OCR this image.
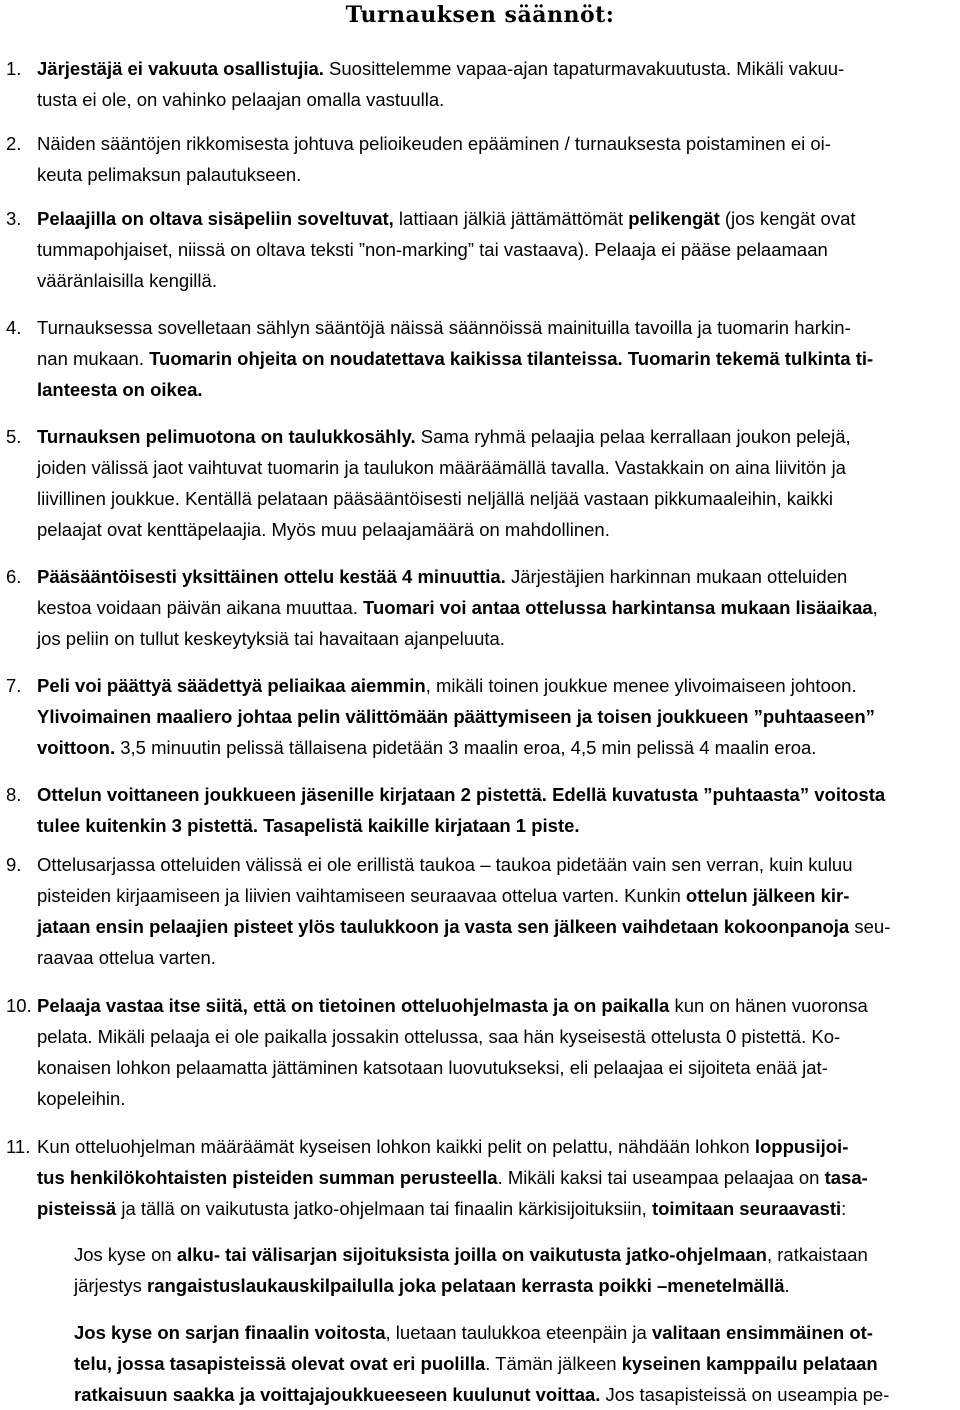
Turnauksen säännöt:
1. Järjestäjä ei vakuuta osallistujia. Suosittelemme vapaa-ajan tapaturmavakuutusta. Mikäli vakuu-
tusta ei ole, on vahinko pelaajan omalla vastuulla.
2. Näiden sääntöjen rikkomisesta johtuva pelioikeuden epääminen / turnauksesta poistaminen ei oi-
keuta pelimaksun palautukseen.
3. Pelaajilla on oltava sisäpeliin soveltuvat, lattiaan jälkiä jättämättömät pelikengät (jos kengät ovat
tummapohjaiset, niissä on oltava teksti ”non-marking” tai vastaava). Pelaaja ei pääse pelaamaan
vääränlaisilla kengillä.
4. Turnauksessa sovelletaan sählyn sääntöjä näissä säännöissä mainituilla tavoilla ja tuomarin harkin-
nan mukaan. Tuomarin ohjeita on noudatettava kaikissa tilanteissa. Tuomarin tekemä tulkinta ti-
lanteesta on oikea.
5. Turnauksen pelimuotona on taulukkosähly. Sama ryhmä pelaajia pelaa kerrallaan joukon pelejä,
joiden välissä jaot vaihtuvat tuomarin ja taulukon määräämällä tavalla. Vastakkain on aina liivitön ja
liivillinen joukkue. Kentällä pelataan pääsääntöisesti neljällä neljää vastaan pikkumaaleihin, kaikki
pelaajat ovat kenttäpelaajia. Myös muu pelaajamäärä on mahdollinen.
6. Pääsääntöisesti yksittäinen ottelu kestää 4 minuuttia. Järjestäjien harkinnan mukaan otteluiden
kestoa voidaan päivän aikana muuttaa. Tuomari voi antaa ottelussa harkintansa mukaan lisäaikaa,
jos peliin on tullut keskeytyksiä tai havaitaan ajanpeluuta.
7. Peli voi päättyä säädettyä peliaikaa aiemmin, mikäli toinen joukkue menee ylivoimaiseen johtoon.
Ylivoimainen maaliero johtaa pelin välittömään päättymiseen ja toisen joukkueen ”puhtaaseen”
voittoon. 3,5 minuutin pelissä tällaisena pidetään 3 maalin eroa, 4,5 min pelissä 4 maalin eroa.
8. Ottelun voittaneen joukkueen jäsenille kirjataan 2 pistettä. Edellä kuvatusta ”puhtaasta” voitosta
tulee kuitenkin 3 pistettä. Tasapelistä kaikille kirjataan 1 piste.
9. Ottelusarjassa otteluiden välissä ei ole erillistä taukoa – taukoa pidetään vain sen verran, kuin kuluu
pisteiden kirjaamiseen ja liivien vaihtamiseen seuraavaa ottelua varten. Kunkin ottelun jälkeen kir-
jataan ensin pelaajien pisteet ylös taulukkoon ja vasta sen jälkeen vaihdetaan kokoonpanoja seu-
raavaa ottelua varten.
10. Pelaaja vastaa itse siitä, että on tietoinen otteluohjelmasta ja on paikalla kun on hänen vuoronsa
pelata. Mikäli pelaaja ei ole paikalla jossakin ottelussa, saa hän kyseisestä ottelusta 0 pistettä. Ko-
konaisen lohkon pelaamatta jättäminen katsotaan luovutukseksi, eli pelaajaa ei sijoiteta enää jat-
kopeleihin.
11. Kun otteluohjelman määräämät kyseisen lohkon kaikki pelit on pelattu, nähdään lohkon loppusijoi-
tus henkilökohtaisten pisteiden summan perusteella. Mikäli kaksi tai useampaa pelaajaa on tasa-
pisteissä ja tällä on vaikutusta jatko-ohjelmaan tai finaalin kärkisijoituksiin, toimitaan seuraavasti:
Jos kyse on alku- tai välisarjan sijoituksista joilla on vaikutusta jatko-ohjelmaan, ratkaistaan
järjestys rangaistuslaukauskilpailulla joka pelataan kerrasta poikki –menetelmällä.
Jos kyse on sarjan finaalin voitosta, luetaan taulukkoa eteenpäin ja valitaan ensimmäinen ot-
telu, jossa tasapisteissä olevat ovat eri puolilla. Tämän jälkeen kyseinen kamppailu pelataan
ratkaisuun saakka ja voittajajoukkueeseen kuulunut voittaa. Jos tasapisteissä on useampia pe-
